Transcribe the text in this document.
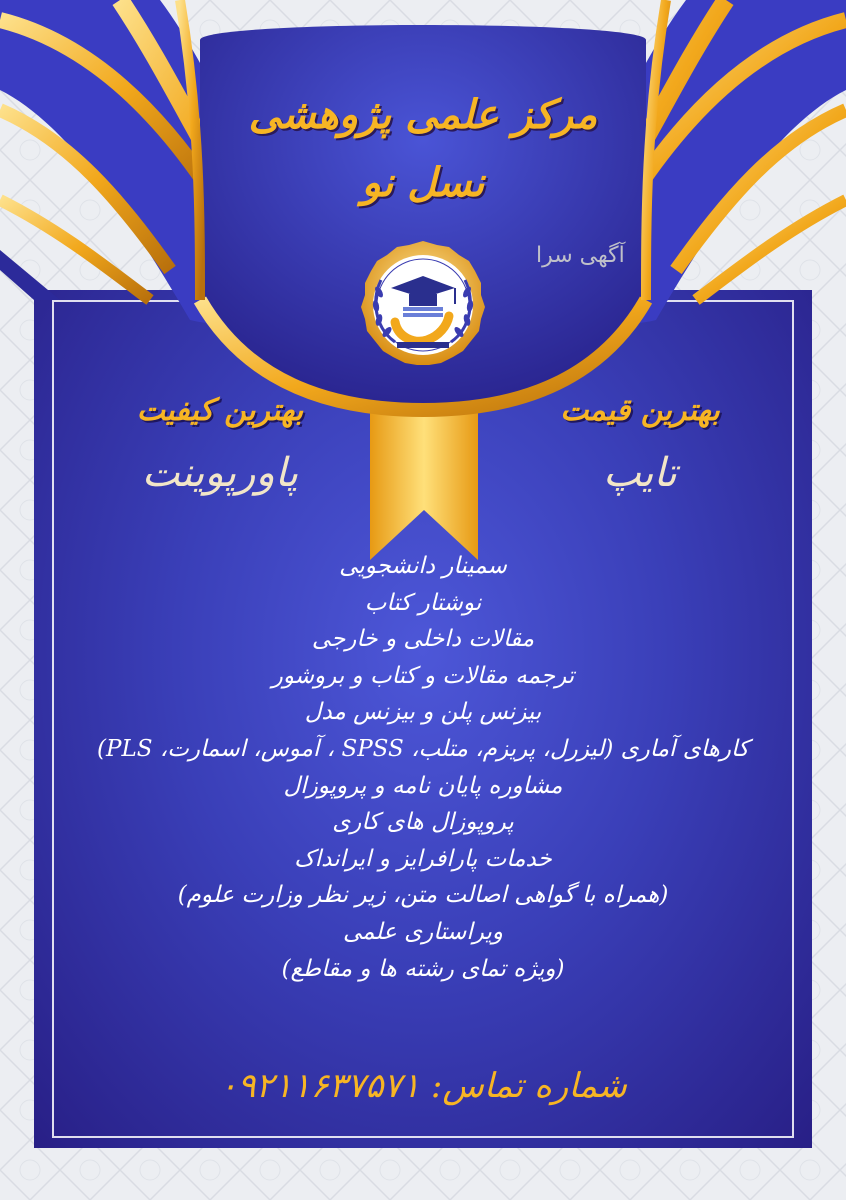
مرکز علمی پژوهشی
نسل نو
آگهی سرا
بهترین قیمت
بهترین کیفیت
تایپ
پاورپوینت
سمینار دانشجویی
نوشتار کتاب
مقالات داخلی و خارجی
ترجمه مقالات و کتاب و بروشور
بیزنس پلن و بیزنس مدل
کارهای آماری (لیزرل، پریزم، متلب، SPSS ، آموس، اسمارت، PLS)
مشاوره پایان نامه و پروپوزال
پروپوزال های کاری
خدمات پارافرایز و ایرانداک
(همراه با گواهی اصالت متن، زیر نظر وزارت علوم)
ویراستاری علمی
(ویژه تمای رشته ها و مقاطع)
شماره تماس: ۰۹۲۱۱۶۳۷۵۷۱
